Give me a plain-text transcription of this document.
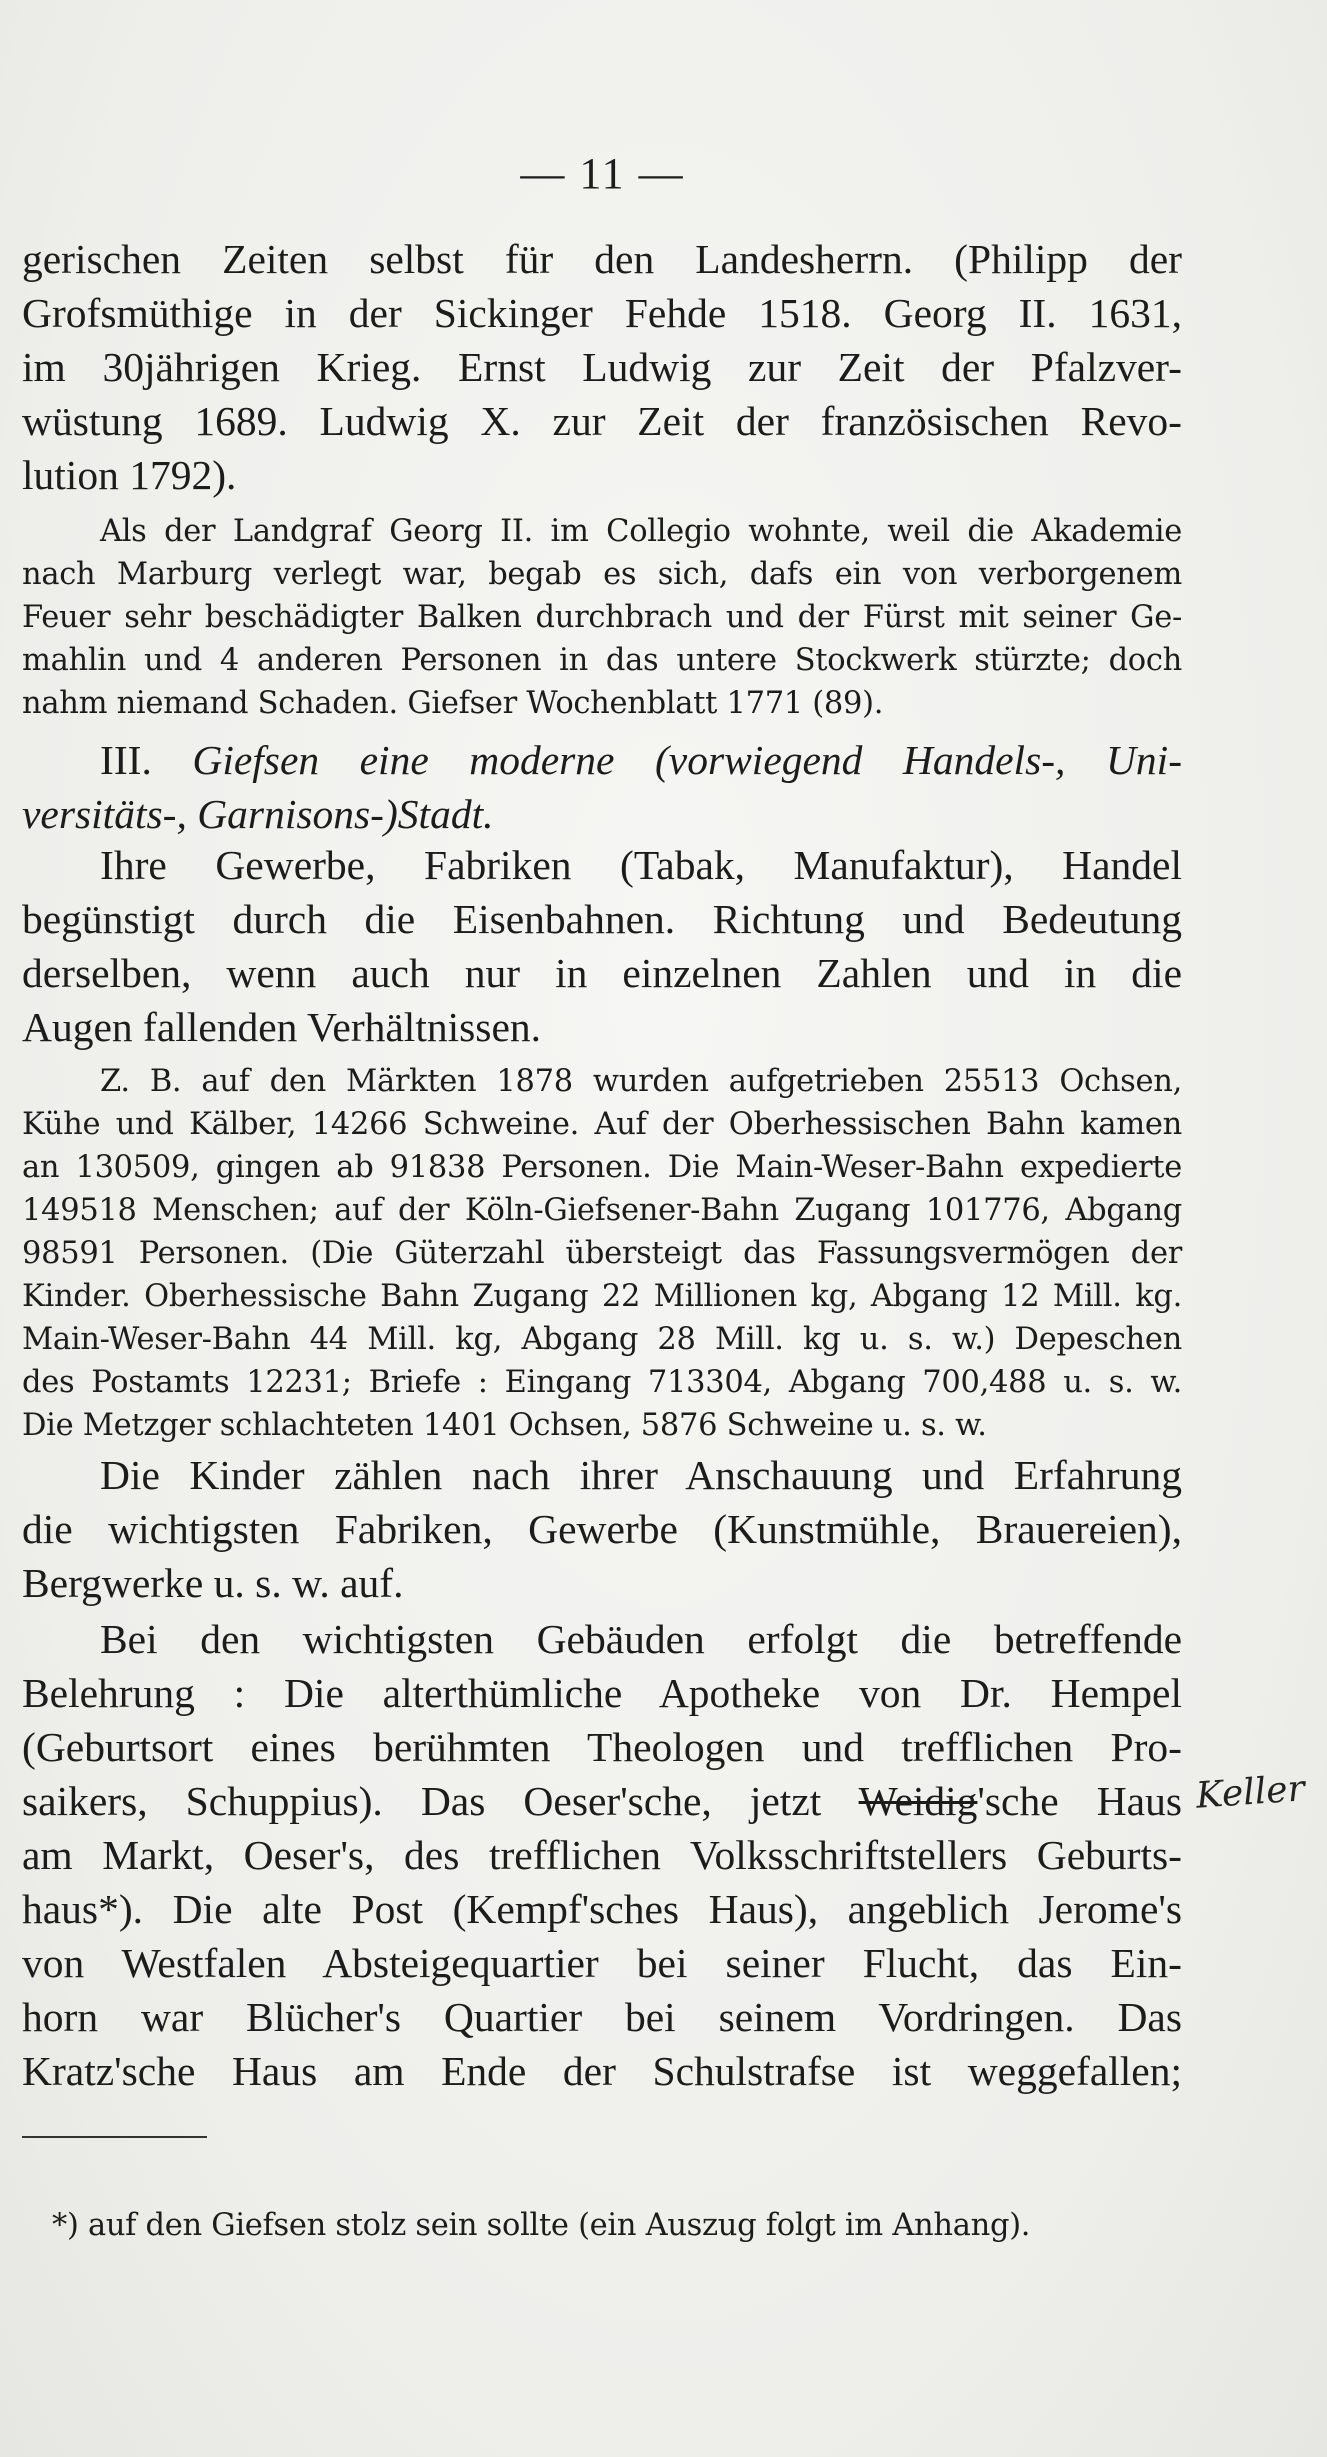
— 11 —
gerischen Zeiten selbst für den Landesherrn. (Philipp der
Grofsmüthige in der Sickinger Fehde 1518. Georg II. 1631,
im 30jährigen Krieg. Ernst Ludwig zur Zeit der Pfalzver-
wüstung 1689. Ludwig X. zur Zeit der französischen Revo-
lution 1792).
Als der Landgraf Georg II. im Collegio wohnte, weil die Akademie
nach Marburg verlegt war, begab es sich, dafs ein von verborgenem
Feuer sehr beschädigter Balken durchbrach und der Fürst mit seiner Ge-
mahlin und 4 anderen Personen in das untere Stockwerk stürzte; doch
nahm niemand Schaden. Giefser Wochenblatt 1771 (89).
III. Giefsen eine moderne (vorwiegend Handels-, Uni-
versitäts-, Garnisons-)Stadt.
Ihre Gewerbe, Fabriken (Tabak, Manufaktur), Handel
begünstigt durch die Eisenbahnen. Richtung und Bedeutung
derselben, wenn auch nur in einzelnen Zahlen und in die
Augen fallenden Verhältnissen.
Z. B. auf den Märkten 1878 wurden aufgetrieben 25513 Ochsen,
Kühe und Kälber, 14266 Schweine. Auf der Oberhessischen Bahn kamen
an 130509, gingen ab 91838 Personen. Die Main-Weser-Bahn expedierte
149518 Menschen; auf der Köln-Giefsener-Bahn Zugang 101776, Abgang
98591 Personen. (Die Güterzahl übersteigt das Fassungsvermögen der
Kinder. Oberhessische Bahn Zugang 22 Millionen kg, Abgang 12 Mill. kg.
Main-Weser-Bahn 44 Mill. kg, Abgang 28 Mill. kg u. s. w.) Depeschen
des Postamts 12231; Briefe : Eingang 713304, Abgang 700,488 u. s. w.
Die Metzger schlachteten 1401 Ochsen, 5876 Schweine u. s. w.
Die Kinder zählen nach ihrer Anschauung und Erfahrung
die wichtigsten Fabriken, Gewerbe (Kunstmühle, Brauereien),
Bergwerke u. s. w. auf.
Bei den wichtigsten Gebäuden erfolgt die betreffende
Belehrung : Die alterthümliche Apotheke von Dr. Hempel
(Geburtsort eines berühmten Theologen und trefflichen Pro-
saikers, Schuppius). Das Oeser'sche, jetzt Weidig'sche Haus
am Markt, Oeser's, des trefflichen Volksschriftstellers Geburts-
haus*). Die alte Post (Kempf'sches Haus), angeblich Jerome's
von Westfalen Absteigequartier bei seiner Flucht, das Ein-
horn war Blücher's Quartier bei seinem Vordringen. Das
Kratz'sche Haus am Ende der Schulstrafse ist weggefallen;
Keller
*) auf den Giefsen stolz sein sollte (ein Auszug folgt im Anhang).
